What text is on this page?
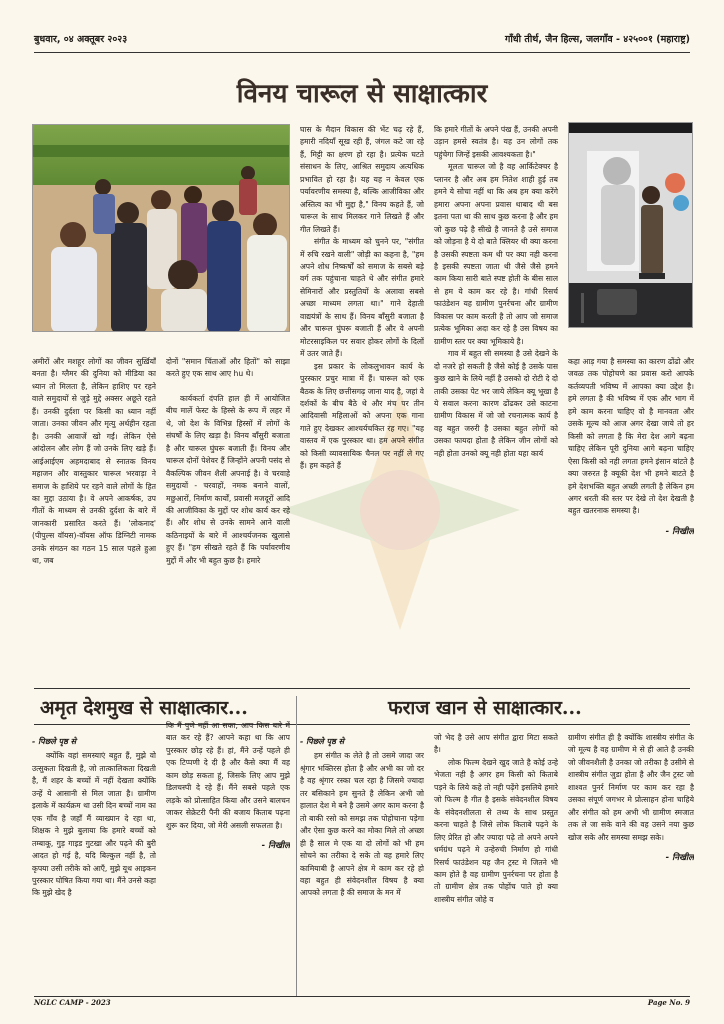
बुधवार, ०४ अक्तूबर २०२३	गाँधी तीर्थ, जैन हिल्स, जलगाँव - ४२५००१ (महाराष्ट्र)
विनय चारूल से साक्षात्कार

अमीरों और मशहूर लोगों का जीवन सुर्ख़ियाँ बनता है। ग्लैमर की दुनिया को मीडिया का ध्यान तो मिलता है, लेकिन हाशिए पर रहने वाले समुदायों से जुड़े मुद्दे अक्सर अछूते रहते हैं। उनकी दुर्दशा पर किसी का ध्यान नहीं जाता। उनका जीवन और मृत्यु अर्थहीन रहता है। उनकी आवाजें खो गईं। लेकिन ऐसे आंदोलन और लोग हैं जो उनके लिए खड़े हैं। आईआईएम अहमदाबाद से स्नातक विनय महाजन और वास्तुकार चारूल भरवाड़ा ने समाज के हाशिये पर रहने वाले लोगों के हित का मुद्दा उठाया है। वे अपने आकर्षक, उप गीतों के माध्यम से उनकी दुर्दशा के बारे में जानकारी प्रसारित करते हैं। 'लोकनाद' (पीपुल्स वॉयस)-वॉयस ऑफ डिग्निटी नामक उनके संगठन का गठन 15 साल पहले हुआ था, जब

दोनों "समान चिंताओं और हितों" को साझा करते हुए एक साथ आए hu थे।

कार्यकर्ता दंपति हाल ही में आयोजित बीच मार्ले फेस्ट के हिस्से के रूप में लहर में थे, जो देश के विभिन्न हिस्सों में लोगों के संघर्षों के लिए खड़ा है। विनय बाँसुरी बजाता है और चारूल घुंघरू बजाती हैं। विनय और चारूल दोनों पेशेवर हैं जिन्होंने अपनी पसंद से वैकल्पिक जीवन शैली अपनाई है। वे चरवाहे समुदायों - चरवाहों, नमक बनाने वालों, मछुआरों, निर्माण कार्यों, प्रवासी मजदूरों आदि की आजीविका के मुद्दों पर शोध कार्य कर रहे हैं। और शोध से उनके सामने आने वाली कठिनाइयों के बारे में आश्चर्यजनक खुलासे हुए हैं। "हम सीखते रहते हैं कि पर्यावरणीय मुद्दों में और भी बहुत कुछ है। हमारे

घास के मैदान विकास की भेंट चढ़ रहे हैं, हमारी नदियाँ सूख रही हैं, जंगल कटे जा रहे हैं, मिट्टी का क्षरण हो रहा है। प्रत्येक घटते संसाधन के लिए, आश्रित समुदाय अत्यधिक प्रभावित हो रहा है। यह यह न केवल एक पर्यावरणीय समस्या है, बल्कि आजीविका और अस्तित्व का भी मुद्दा है," विनय कहते हैं, जो चारूल के साथ मिलकर गाने लिखते हैं और गीत लिखते हैं।

संगीत के माध्यम को चुनने पर, "संगीत में रुचि रखने वाली" जोड़ी का कहना है, "हम अपने शोध निष्कर्षों को समाज के सबसे बड़े वर्ग तक पहुंचाना चाहते थे और संगीत हमारे सेमिनारों और प्रस्तुतियों के अलावा सबसे अच्छा माध्यम लगता था।" गाने देहाती वाद्ययंत्रों के साथ हैं। विनय बाँसुरी बजाता है और चारूल घुंघरू बजाती हैं और वे अपनी मोटरसाइकिल पर सवार होकर लोगों के दिलों में उतर जाते हैं।

इस प्रकार के लोकलुभावन कार्य के पुरस्कार प्रचुर मात्रा में हैं। चारूल को एक बैठक के लिए छत्तीसगढ़ जाना याद है, जहां वे दर्शकों के बीच बैठे थे और मंच पर तीन आदिवासी महिलाओं को अपना एक गाना गाते हुए देखकर आश्चर्यचकित रह गए। "यह वास्तव में एक पुरस्कार था। हम अपने संगीत को किसी व्यावसायिक चैनल पर नहीं ले गए हैं। हम कहते हैं

कि हमारे गीतों के अपने पंख हैं, उनकी अपनी उड़ान हमसे स्वतंत्र है। यह उन लोगों तक पहुंचेगा जिन्हें इसकी आवश्यकता है।"

मूलतः चारूल जो है वह आर्किटेक्चर है प्लानर है और अब हम नितेश शाही हुई तब हमने ये सोचा नहीं था कि अब हम क्या करेंगे हमारा अपना अपना प्रवास थाबाद थी बस इतना पता था की साथ कुछ करना है और हम जो कुछ पढ़े है सीखे है जानते है उसे समाज को जोड़ना है ये दो बाते क्लियर थी क्या करना है उसकी स्पष्टता कम थी पर क्या नही करना है इसकी स्पष्टता जाता थी जैसे जैसे हमने काम किया सारी बाते स्पष्ट होती के बीस साल से हम ये काम कर रहे है। गांधी रिसर्च फाउंडेशन यह ग्रामीण पुनर्रचना और ग्रामीण विकास पर काम करती है तो आप जो समाज प्रत्येक भूमिका अदा कर रहे है उस विषय का ग्रामीण स्तर पर क्या भूमिकाये है।

गाव में बहुत सी समस्या है उसे देखने के दो नजरे हो सकती है जैसे कोई है उसके पास कुछ खाने के लिये नहीं है उसको दो रोटी दे दो ताकी उसका पेट भर जाये लेकिन क्यू भूखा है ये सवाल करना कारण ढोंढकर उसे काटना ग्रामीण विकास में जो जो रचनात्मक कार्य है वह बहुत जरुरी है उसका बहुत लोगों को उसका फायदा होता है लेकिन जीन लोगों को नही होता उनको क्यू नही होता यहा कार्य

कहा आड़ गया है समस्या का कारण ढोंढो और जवळ तक पोहोचणे का प्रवास करो आपके कर्तव्यपती भविष्य में आपका क्या उद्देश है। हमे लगता है की भविष्य में एक और भाग में हमे काम करना चाहिए वो है मानवता और उसके मूल्य को आज अगर देखा जाये तो हर किसी को लगता है कि मेरा देश आगे बढ़ना चाहिए लेकिन पूरी दुनिया आगे बढ़ना चाहिए ऐसा किसी को नही लगता हमने इंसान बांटते है क्या जरुरत है क्यूकी देश भी हमने बाटते है हमे देशभक्ति बहुत अच्छी लगती है लेकिन हम अगर धरती की स्तर पर देखे तो देश देखती है बहुत खतरनाक समस्या है।

- निखील
अमृत देशमुख से साक्षात्कार...
- पिछले पृष्ठ से

क्योंकि वहां समस्याएं बहुत हैं, मुझे वो उत्सुकता दिखती है, जो तात्कालिकता दिखती है, मैं शहर के बच्चों में नहीं देखता क्योंकि उन्हें ये आसानी से मिल जाता है। ग्रामीण इलाके में कार्यक्रम था उसी दिन बच्चों नाम का एक गाँव है जहाँ मैं व्याख्यान दे रहा था, शिक्षक ने मुझे बुलाया कि हमारे बच्चों को तम्बाकू, गुड़ गाइड गुटखा और पढ़ने की बुरी आदत हो गई है, यदि बिल्कुल नहीं है, तो कृपया उसी तरीके को आएँ, मुझे यूथ आइकन पुरस्कार घोषित किया गया था। मैंने उनसे कहा कि मुझे खेद है

कि मैं पुणे नहीं आ सका, आप किस बारे में बात कर रहे हैं? आपने कहा था कि आप पुरस्कार छोड़ रहे हैं। हां, मैंने उन्हें पहले ही एक टिप्पणी दे दी है और कैसे क्या मैं वह काम छोड़ सकता हूं, जिसके लिए आप मुझे डिलचस्पी दे रहे हैं। मैंने सबसे पहले एक लड़के को प्रोत्साहित किया और उसने बालचन जाकर सेक्रेटरी पैनी की बजाय किताब पढ़ना शुरू कर दिया, जो मेरी असली सफलता है।

- निखील
फराज खान से साक्षात्कार...
- पिछले पृष्ठ से

हम संगीत क लेते है तो उसमे जादा जर श्रृंगार भक्तिरस होता है और अभी का जो दर है वह श्रृंगार रस्का चल रहा है जिसमे ज्यादा तर बसिकाने हम सुनते है लेकिन अभी जो हालात देश मे बने है उसमे अगर काम करना है तो बाकी रसो को समझ तक पोहोचाना पड़ेगा और ऐसा कुछ करने का मोका मिले तो अच्छा ही है साल मे एक या दो लोगों को भी हम सोचने का तरीका दे सके तो वह हमारे लिए कामियाबी है आपने क्षेत्र मे काम कर रहे हो वहा बहुत ही संवेदनशील विषय है क्या आपको लगता है की समाज के मन में

जो भेद है उसे आप संगीत द्वारा मिटा सकते है।

लोक फिल्म देखने खुद जाते है कोई उन्हे भेजता नही है अगर हम किसी को किताबे पड़ने के लिये कहे तो नही पढ़ेंगे इसलिये हमारे जो फिल्म है गीत है इसके संवेदनशील विषय के संवेदनशीलता से तथ्य के साथ प्रस्तुत करना चाहते है जिसे लोक किताबे पढ़ने के लिए प्रेरित हो और ज्यादा पढ़े तो अपने अपने धर्मग्रंथ पढ़ने मे उन्हेरुची निर्माण हो गांधी रिसर्च फाउंडेशन यह जैन ट्रस्ट मे जितने भी काम होते है वह ग्रामीण पुनर्रचना पर होता है तो ग्रामीण क्षेत्र तक पोहोंच पाते हो क्या शास्त्रीय संगीत जोहे व

ग्रामीण संगीत ही है क्योंकि शास्त्रीय संगीत के जो मूल्य है वह ग्रामीण मे से ही आते है उनकी जो जीवनशैली है उनका जो तरीका है उसीमे से शास्त्रीय संगीत जुडा होता है और जैन ट्रस्ट जो शाश्वत पुनर्र निर्माण पर काम कर रहा है उसका संपूर्ण जगभर मे प्रोत्साहन होना चाहिये और संगीत को हम अभी भी ग्रामीण स्मजात तक ले जा सके वाने की वह उसने नया कुछ खोज सके और समस्या समझ सके।

- निखील
NGLC CAMP - 2023	Page No. 9
